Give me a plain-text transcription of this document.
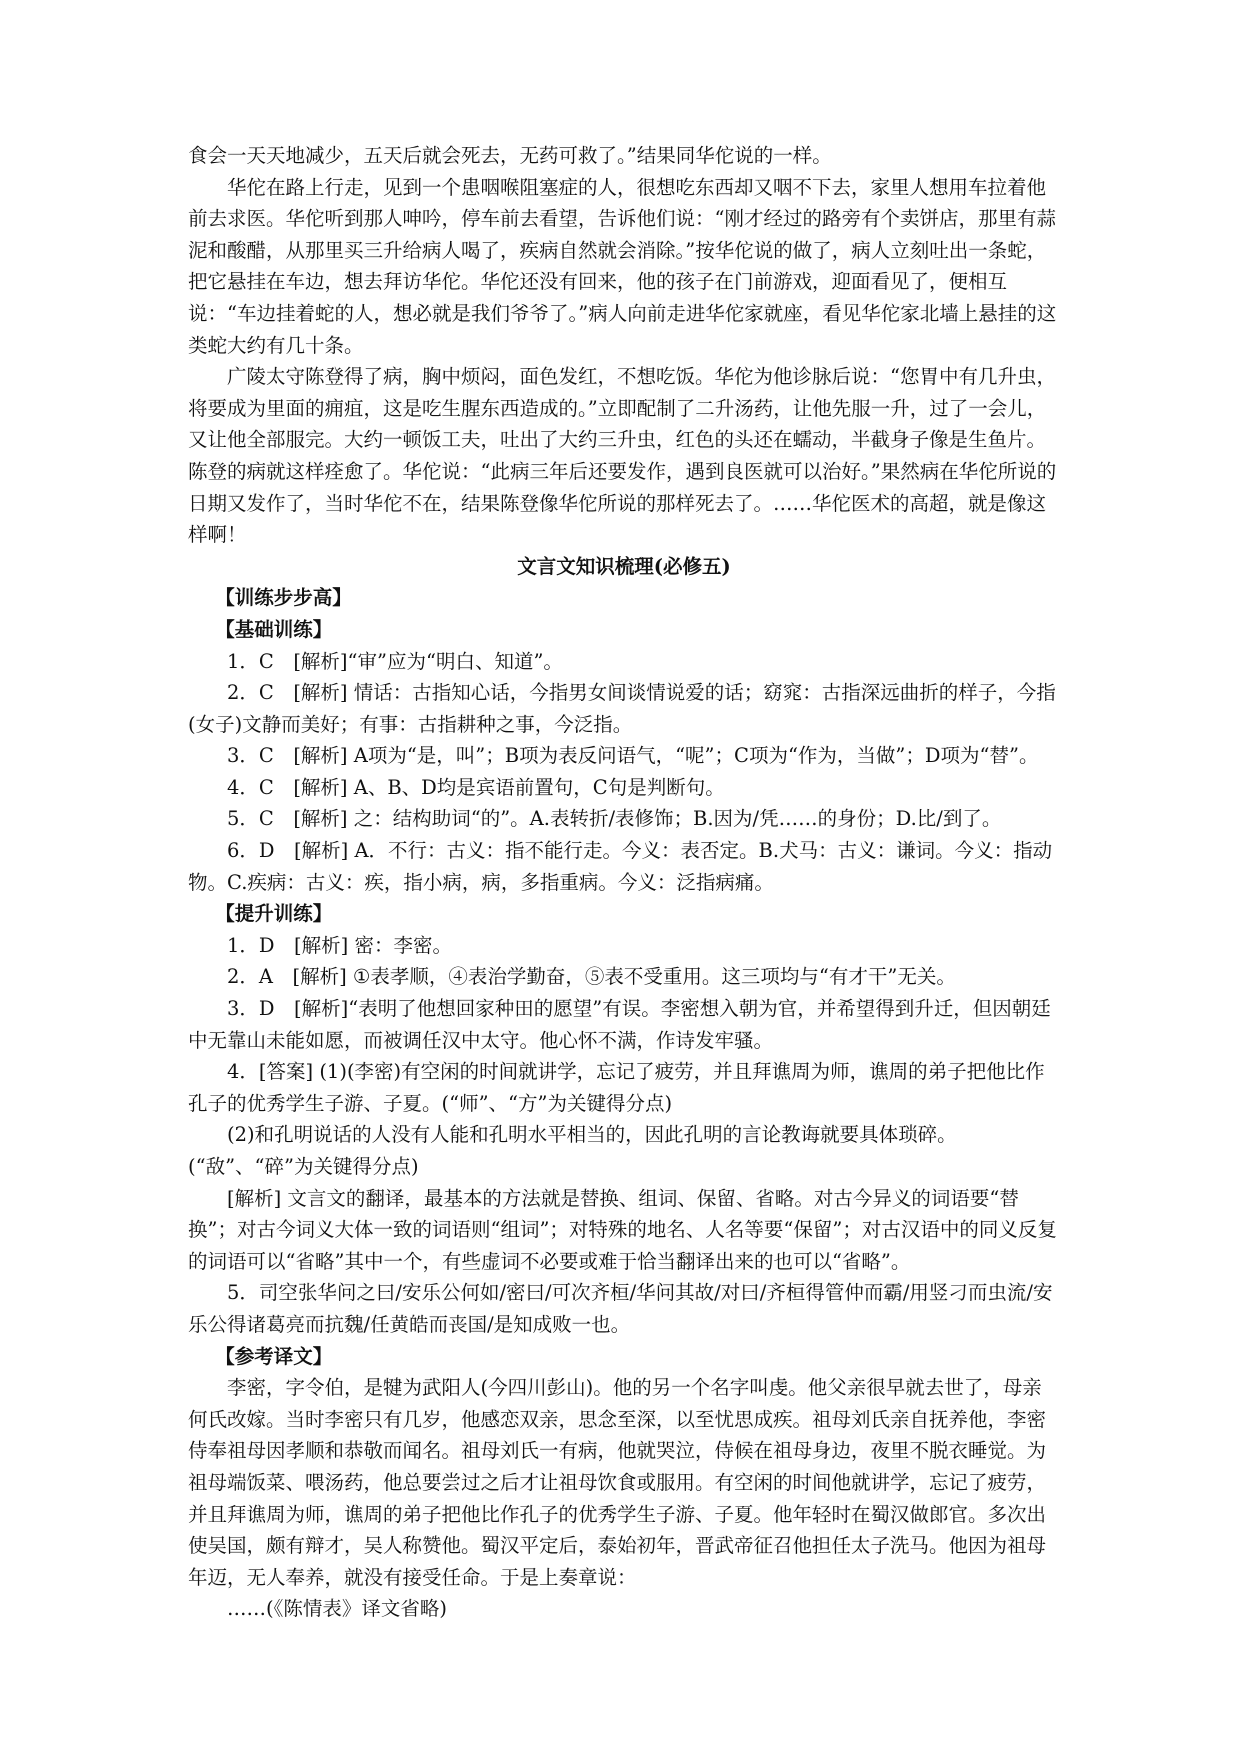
食会一天天地减少，五天后就会死去，无药可救了。”结果同华佗说的一样。

华佗在路上行走，见到一个患咽喉阻塞症的人，很想吃东西却又咽不下去，家里人想用车拉着他前去求医。华佗听到那人呻吟，停车前去看望，告诉他们说：“刚才经过的路旁有个卖饼店，那里有蒜泥和酸醋，从那里买三升给病人喝了，疾病自然就会消除。”按华佗说的做了，病人立刻吐出一条蛇，把它悬挂在车边，想去拜访华佗。华佗还没有回来，他的孩子在门前游戏，迎面看见了，便相互说：“车边挂着蛇的人，想必就是我们爷爷了。”病人向前走进华佗家就座，看见华佗家北墙上悬挂的这类蛇大约有几十条。

广陵太守陈登得了病，胸中烦闷，面色发红，不想吃饭。华佗为他诊脉后说：“您胃中有几升虫，将要成为里面的痈疽，这是吃生腥东西造成的。”立即配制了二升汤药，让他先服一升，过了一会儿，又让他全部服完。大约一顿饭工夫，吐出了大约三升虫，红色的头还在蠕动，半截身子像是生鱼片。陈登的病就这样痊愈了。华佗说：“此病三年后还要发作，遇到良医就可以治好。”果然病在华佗所说的日期又发作了，当时华佗不在，结果陈登像华佗所说的那样死去了。……华佗医术的高超，就是像这样啊！

文言文知识梳理(必修五)

【训练步步高】

【基础训练】

1．C　[解析]“审”应为“明白、知道”。

2．C　[解析] 情话：古指知心话，今指男女间谈情说爱的话；窈窕：古指深远曲折的样子，今指(女子)文静而美好；有事：古指耕种之事，今泛指。

3．C　[解析] A项为“是，叫”；B项为表反问语气，“呢”；C项为“作为，当做”；D项为“替”。

4．C　[解析] A、B、D均是宾语前置句，C句是判断句。

5．C　[解析] 之：结构助词“的”。A.表转折/表修饰；B.因为/凭……的身份；D.比/到了。

6．D　[解析] A．不行：古义：指不能行走。今义：表否定。B.犬马：古义：谦词。今义：指动物。C.疾病：古义：疾，指小病，病，多指重病。今义：泛指病痛。

【提升训练】

1．D　[解析] 密：李密。

2．A　[解析] ①表孝顺，④表治学勤奋，⑤表不受重用。这三项均与“有才干”无关。

3．D　[解析]“表明了他想回家种田的愿望”有误。李密想入朝为官，并希望得到升迁，但因朝廷中无靠山未能如愿，而被调任汉中太守。他心怀不满，作诗发牢骚。

4．[答案] (1)(李密)有空闲的时间就讲学，忘记了疲劳，并且拜谯周为师，谯周的弟子把他比作孔子的优秀学生子游、子夏。(“师”、“方”为关键得分点)

(2)和孔明说话的人没有人能和孔明水平相当的，因此孔明的言论教诲就要具体琐碎。(“敌”、“碎”为关键得分点)

[解析] 文言文的翻译，最基本的方法就是替换、组词、保留、省略。对古今异义的词语要“替换”；对古今词义大体一致的词语则“组词”；对特殊的地名、人名等要“保留”；对古汉语中的同义反复的词语可以“省略”其中一个，有些虚词不必要或难于恰当翻译出来的也可以“省略”。

5．司空张华问之曰/安乐公何如/密曰/可次齐桓/华问其故/对曰/齐桓得管仲而霸/用竖刁而虫流/安乐公得诸葛亮而抗魏/任黄皓而丧国/是知成败一也。

【参考译文】

李密，字令伯，是犍为武阳人(今四川彭山)。他的另一个名字叫虔。他父亲很早就去世了，母亲何氏改嫁。当时李密只有几岁，他感恋双亲，思念至深，以至忧思成疾。祖母刘氏亲自抚养他，李密侍奉祖母因孝顺和恭敬而闻名。祖母刘氏一有病，他就哭泣，侍候在祖母身边，夜里不脱衣睡觉。为祖母端饭菜、喂汤药，他总要尝过之后才让祖母饮食或服用。有空闲的时间他就讲学，忘记了疲劳，并且拜谯周为师，谯周的弟子把他比作孔子的优秀学生子游、子夏。他年轻时在蜀汉做郎官。多次出使吴国，颇有辩才，吴人称赞他。蜀汉平定后，泰始初年，晋武帝征召他担任太子洗马。他因为祖母年迈，无人奉养，就没有接受任命。于是上奏章说：

……(《陈情表》译文省略)
